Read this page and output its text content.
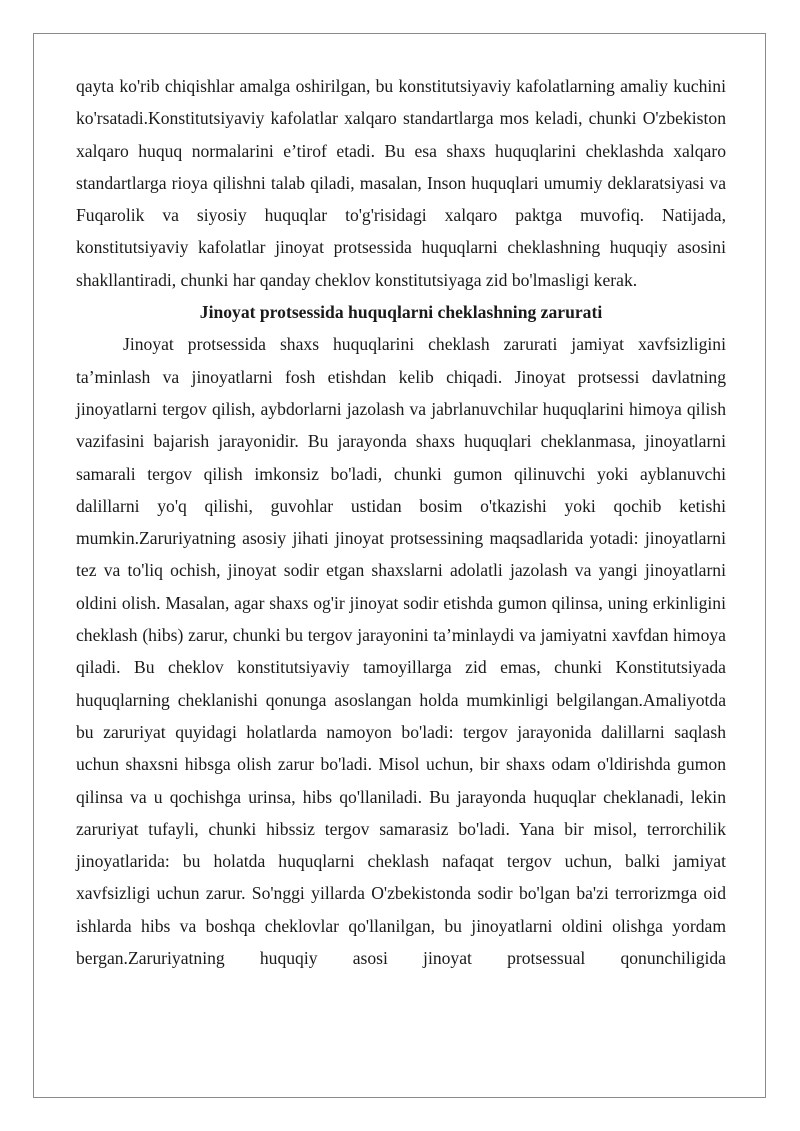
qayta ko'rib chiqishlar amalga oshirilgan, bu konstitutsiyaviy kafolatlarning amaliy kuchini ko'rsatadi.Konstitutsiyaviy kafolatlar xalqaro standartlarga mos keladi, chunki O'zbekiston xalqaro huquq normalarini e’tirof etadi. Bu esa shaxs huquqlarini cheklashda xalqaro standartlarga rioya qilishni talab qiladi, masalan, Inson huquqlari umumiy deklaratsiyasi va Fuqarolik va siyosiy huquqlar to'g'risidagi xalqaro paktga muvofiq. Natijada, konstitutsiyaviy kafolatlar jinoyat protsessida huquqlarni cheklashning huquqiy asosini shakllantiradi, chunki har qanday cheklov konstitutsiyaga zid bo'lmasligi kerak.

Jinoyat protsessida huquqlarni cheklashning zarurati

Jinoyat protsessida shaxs huquqlarini cheklash zarurati jamiyat xavfsizligini ta’minlash va jinoyatlarni fosh etishdan kelib chiqadi. Jinoyat protsessi davlatning jinoyatlarni tergov qilish, aybdorlarni jazolash va jabrlanuvchilar huquqlarini himoya qilish vazifasini bajarish jarayonidir. Bu jarayonda shaxs huquqlari cheklanmasa, jinoyatlarni samarali tergov qilish imkonsiz bo'ladi, chunki gumon qilinuvchi yoki ayblanuvchi dalillarni yo'q qilishi, guvohlar ustidan bosim o'tkazishi yoki qochib ketishi mumkin.Zaruriyatning asosiy jihati jinoyat protsessining maqsadlarida yotadi: jinoyatlarni tez va to'liq ochish, jinoyat sodir etgan shaxslarni adolatli jazolash va yangi jinoyatlarni oldini olish. Masalan, agar shaxs og'ir jinoyat sodir etishda gumon qilinsa, uning erkinligini cheklash (hibs) zarur, chunki bu tergov jarayonini ta’minlaydi va jamiyatni xavfdan himoya qiladi. Bu cheklov konstitutsiyaviy tamoyillarga zid emas, chunki Konstitutsiyada huquqlarning cheklanishi qonunga asoslangan holda mumkinligi belgilangan.Amaliyotda bu zaruriyat quyidagi holatlarda namoyon bo'ladi: tergov jarayonida dalillarni saqlash uchun shaxsni hibsga olish zarur bo'ladi. Misol uchun, bir shaxs odam o'ldirishda gumon qilinsa va u qochishga urinsa, hibs qo'llaniladi. Bu jarayonda huquqlar cheklanadi, lekin zaruriyat tufayli, chunki hibssiz tergov samarasiz bo'ladi. Yana bir misol, terrorchilik jinoyatlarida: bu holatda huquqlarni cheklash nafaqat tergov uchun, balki jamiyat xavfsizligi uchun zarur. So'nggi yillarda O'zbekistonda sodir bo'lgan ba'zi terrorizmga oid ishlarda hibs va boshqa cheklovlar qo'llanilgan, bu jinoyatlarni oldini olishga yordam bergan.Zaruriyatning huquqiy asosi jinoyat protsessual qonunchiligida
